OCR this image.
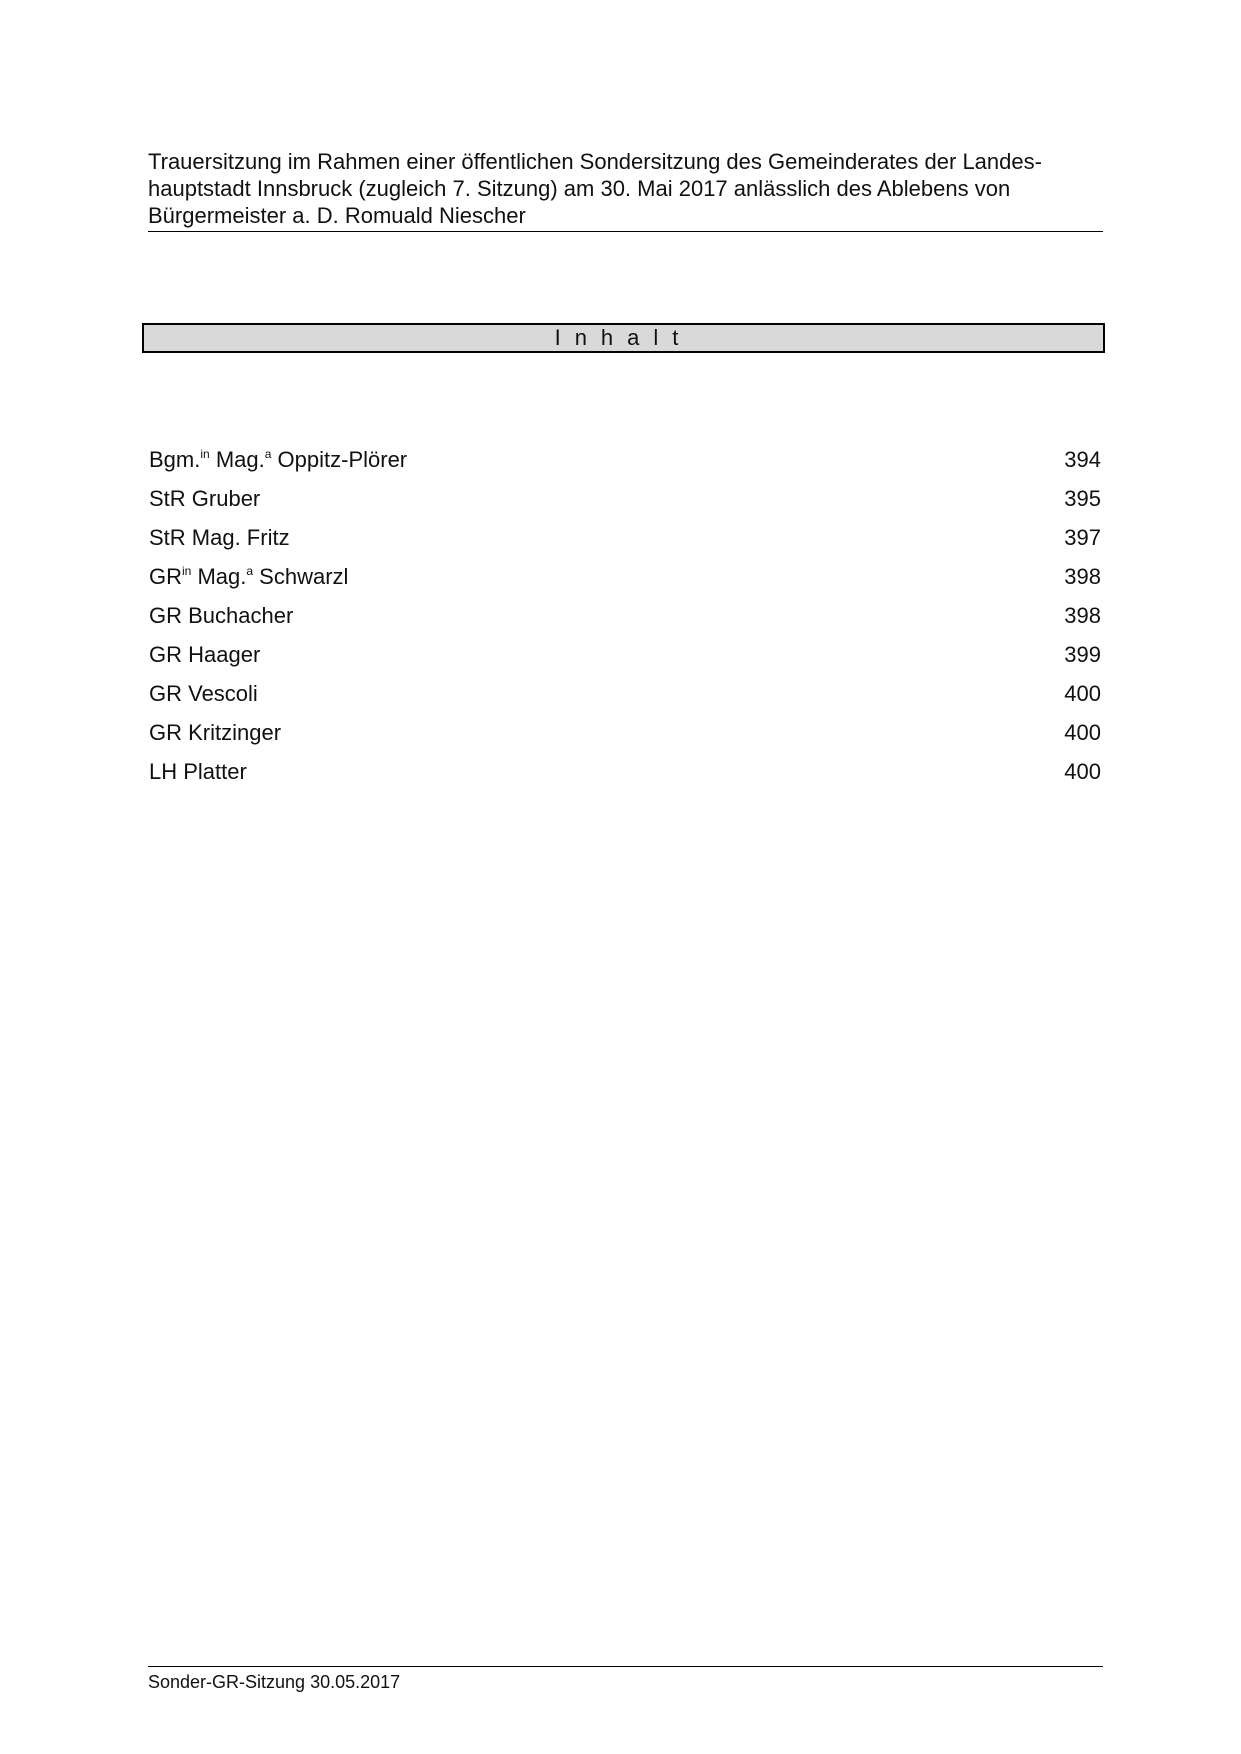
Trauersitzung im Rahmen einer öffentlichen Sondersitzung des Gemeinderates der Landes-
hauptstadt Innsbruck (zugleich 7. Sitzung) am 30. Mai 2017 anlässlich des Ablebens von
Bürgermeister a. D. Romuald Niescher

Inhalt
Bgm.$^{in}$ Mag.$^a$ Oppitz-Plörer	394
StR Gruber	395
StR Mag. Fritz	397
$GR^{in}$ Mag.$^a$ Schwarzl	398
GR Buchacher	398
GR Haager	399
GR Vescoli	400
GR Kritzinger	400
LH Platter	400
Sonder-GR-Sitzung 30.05.2017
